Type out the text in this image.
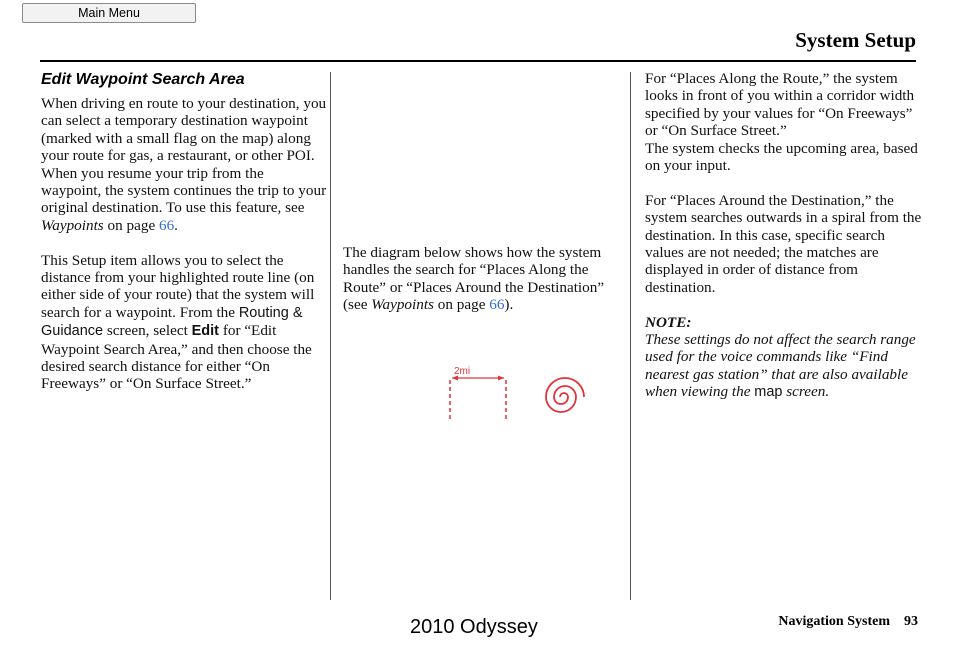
Main Menu
System Setup
Edit Waypoint Search Area

When driving en route to your destination, you can select a temporary destination waypoint (marked with a small flag on the map) along your route for gas, a restaurant, or other POI. When you resume your trip from the waypoint, the system continues the trip to your original destination. To use this feature, see Waypoints on page 66.

This Setup item allows you to select the distance from your highlighted route line (on either side of your route) that the system will search for a waypoint. From the Routing & Guidance screen, select Edit for “Edit Waypoint Search Area,” and then choose the desired search distance for either “On Freeways” or “On Surface Street.”

The diagram below shows how the system handles the search for “Places Along the Route” or “Places Around the Destination” (see Waypoints on page 66).

2mi

For “Places Along the Route,” the system looks in front of you within a corridor width specified by your values for “On Freeways” or “On Surface Street.”

The system checks the upcoming area, based on your input.

For “Places Around the Destination,” the system searches outwards in a spiral from the destination. In this case, specific search values are not needed; the matches are displayed in order of distance from destination.

NOTE:

These settings do not affect the search range used for the voice commands like “Find nearest gas station” that are also available when viewing the map screen.

Navigation System 93
2010 Odyssey
